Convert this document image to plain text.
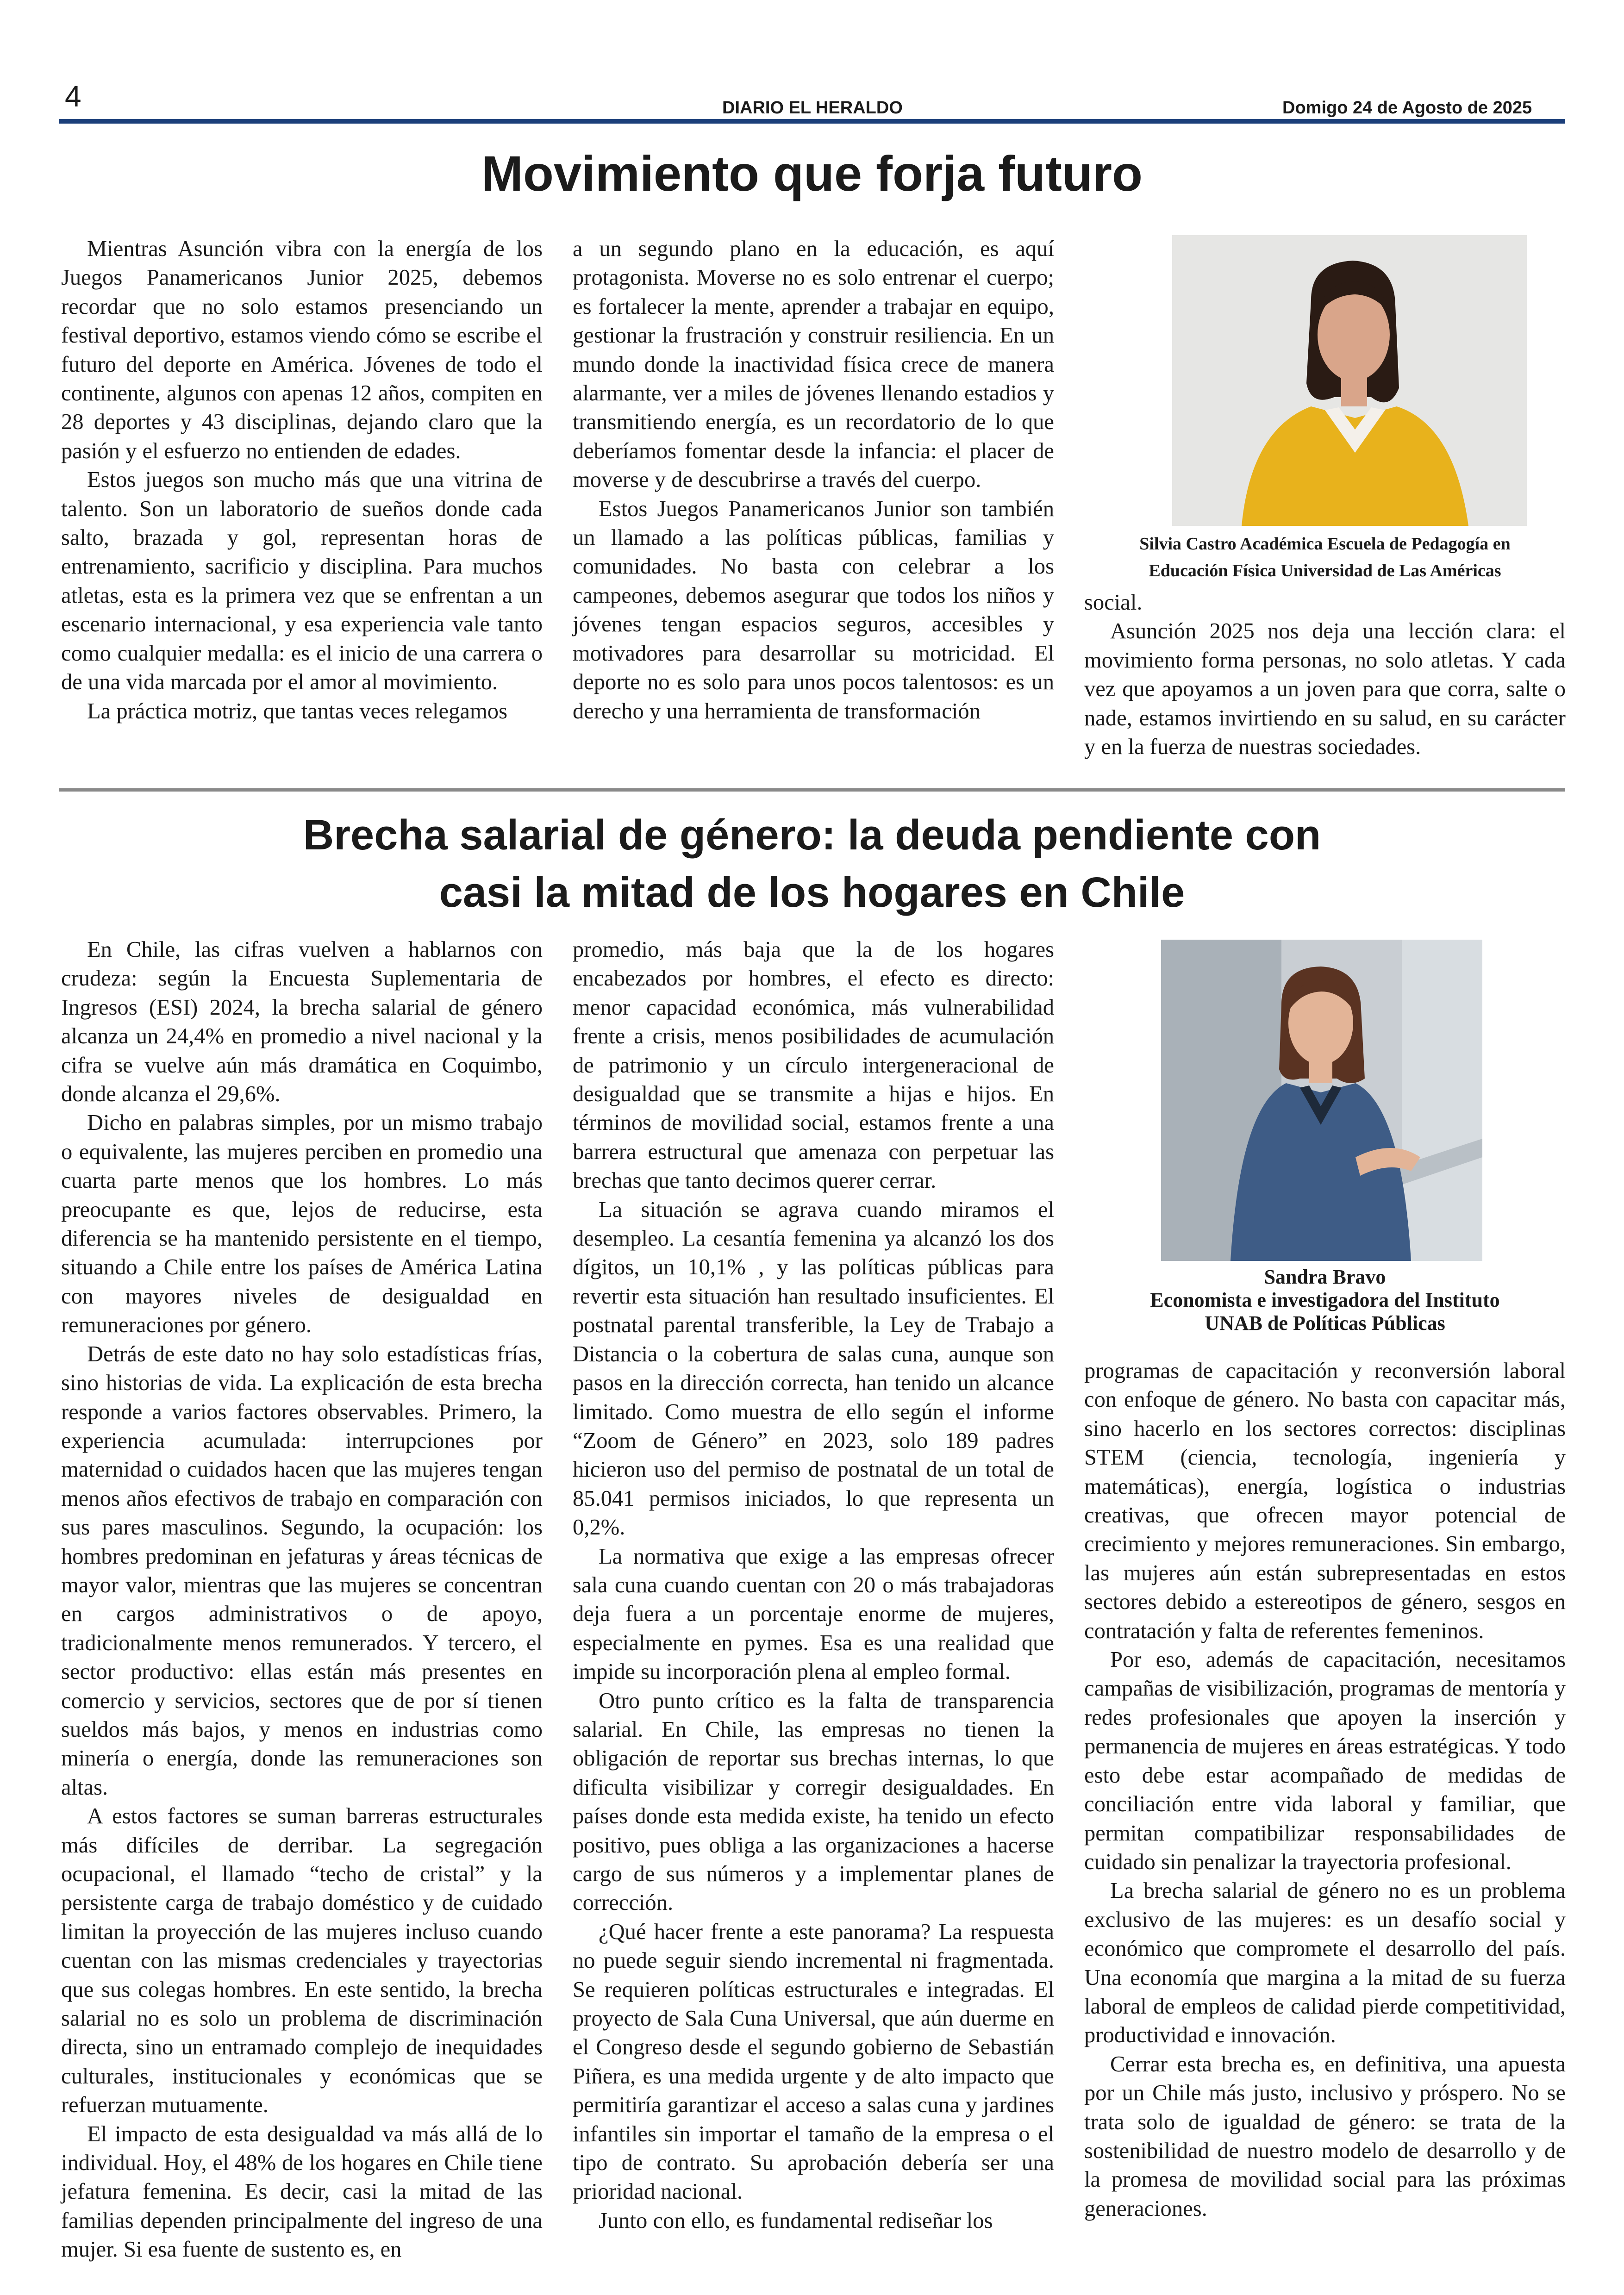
4	DIARIO EL HERALDO	Domigo 24 de Agosto de 2025
Movimiento que forja futuro

Mientras Asunción vibra con la energía de los Juegos Panamericanos Junior 2025, debemos recordar que no solo estamos presenciando un festival deportivo, estamos viendo cómo se escribe el futuro del deporte en América. Jóvenes de todo el continente, algunos con apenas 12 años, compiten en 28 deportes y 43 disciplinas, dejando claro que la pasión y el esfuerzo no entienden de edades.

Estos juegos son mucho más que una vitrina de talento. Son un laboratorio de sueños donde cada salto, brazada y gol, representan horas de entrenamiento, sacrificio y disciplina. Para muchos atletas, esta es la primera vez que se enfrentan a un escenario internacional, y esa experiencia vale tanto como cualquier medalla: es el inicio de una carrera o de una vida marcada por el amor al movimiento.

La práctica motriz, que tantas veces relegamos

a un segundo plano en la educación, es aquí protagonista. Moverse no es solo entrenar el cuerpo; es fortalecer la mente, aprender a trabajar en equipo, gestionar la frustración y construir resiliencia. En un mundo donde la inactividad física crece de manera alarmante, ver a miles de jóvenes llenando estadios y transmitiendo energía, es un recordatorio de lo que deberíamos fomentar desde la infancia: el placer de moverse y de descubrirse a través del cuerpo.

Estos Juegos Panamericanos Junior son también un llamado a las políticas públicas, familias y comunidades. No basta con celebrar a los campeones, debemos asegurar que todos los niños y jóvenes tengan espacios seguros, accesibles y motivadores para desarrollar su motricidad. El deporte no es solo para unos pocos talentosos: es un derecho y una herramienta de transformación

Silvia Castro Académica Escuela de Pedagogía en
Educación Física Universidad de Las Américas

social.

Asunción 2025 nos deja una lección clara: el movimiento forma personas, no solo atletas. Y cada vez que apoyamos a un joven para que corra, salte o nade, estamos invirtiendo en su salud, en su carácter y en la fuerza de nuestras sociedades.

Brecha salarial de género: la deuda pendiente con
casi la mitad de los hogares en Chile

En Chile, las cifras vuelven a hablarnos con crudeza: según la Encuesta Suplementaria de Ingresos (ESI) 2024, la brecha salarial de género alcanza un 24,4% en promedio a nivel nacional y la cifra se vuelve aún más dramática en Coquimbo, donde alcanza el 29,6%.

Dicho en palabras simples, por un mismo trabajo o equivalente, las mujeres perciben en promedio una cuarta parte menos que los hombres. Lo más preocupante es que, lejos de reducirse, esta diferencia se ha mantenido persistente en el tiempo, situando a Chile entre los países de América Latina con mayores niveles de desigualdad en remuneraciones por género.

Detrás de este dato no hay solo estadísticas frías, sino historias de vida. La explicación de esta brecha responde a varios factores observables. Primero, la experiencia acumulada: interrupciones por maternidad o cuidados hacen que las mujeres tengan menos años efectivos de trabajo en comparación con sus pares masculinos. Segundo, la ocupación: los hombres predominan en jefaturas y áreas técnicas de mayor valor, mientras que las mujeres se concentran en cargos administrativos o de apoyo, tradicionalmente menos remunerados. Y tercero, el sector productivo: ellas están más presentes en comercio y servicios, sectores que de por sí tienen sueldos más bajos, y menos en industrias como minería o energía, donde las remuneraciones son altas.

A estos factores se suman barreras estructurales más difíciles de derribar. La segregación ocupacional, el llamado “techo de cristal” y la persistente carga de trabajo doméstico y de cuidado limitan la proyección de las mujeres incluso cuando cuentan con las mismas credenciales y trayectorias que sus colegas hombres. En este sentido, la brecha salarial no es solo un problema de discriminación directa, sino un entramado complejo de inequidades culturales, institucionales y económicas que se refuerzan mutuamente.

El impacto de esta desigualdad va más allá de lo individual. Hoy, el 48% de los hogares en Chile tiene jefatura femenina. Es decir, casi la mitad de las familias dependen principalmente del ingreso de una mujer. Si esa fuente de sustento es, en

promedio, más baja que la de los hogares encabezados por hombres, el efecto es directo: menor capacidad económica, más vulnerabilidad frente a crisis, menos posibilidades de acumulación de patrimonio y un círculo intergeneracional de desigualdad que se transmite a hijas e hijos. En términos de movilidad social, estamos frente a una barrera estructural que amenaza con perpetuar las brechas que tanto decimos querer cerrar.

La situación se agrava cuando miramos el desempleo. La cesantía femenina ya alcanzó los dos dígitos, un 10,1% , y las políticas públicas para revertir esta situación han resultado insuficientes. El postnatal parental transferible, la Ley de Trabajo a Distancia o la cobertura de salas cuna, aunque son pasos en la dirección correcta, han tenido un alcance limitado. Como muestra de ello según el informe “Zoom de Género” en 2023, solo 189 padres hicieron uso del permiso de postnatal de un total de 85.041 permisos iniciados, lo que representa un 0,2%.

La normativa que exige a las empresas ofrecer sala cuna cuando cuentan con 20 o más trabajadoras deja fuera a un porcentaje enorme de mujeres, especialmente en pymes. Esa es una realidad que impide su incorporación plena al empleo formal.

Otro punto crítico es la falta de transparencia salarial. En Chile, las empresas no tienen la obligación de reportar sus brechas internas, lo que dificulta visibilizar y corregir desigualdades. En países donde esta medida existe, ha tenido un efecto positivo, pues obliga a las organizaciones a hacerse cargo de sus números y a implementar planes de corrección.

¿Qué hacer frente a este panorama? La respuesta no puede seguir siendo incremental ni fragmentada. Se requieren políticas estructurales e integradas. El proyecto de Sala Cuna Universal, que aún duerme en el Congreso desde el segundo gobierno de Sebastián Piñera, es una medida urgente y de alto impacto que permitiría garantizar el acceso a salas cuna y jardines infantiles sin importar el tamaño de la empresa o el tipo de contrato. Su aprobación debería ser una prioridad nacional.

Junto con ello, es fundamental rediseñar los

Sandra Bravo
Economista e investigadora del Instituto
UNAB de Políticas Públicas

programas de capacitación y reconversión laboral con enfoque de género. No basta con capacitar más, sino hacerlo en los sectores correctos: disciplinas STEM (ciencia, tecnología, ingeniería y matemáticas), energía, logística o industrias creativas, que ofrecen mayor potencial de crecimiento y mejores remuneraciones. Sin embargo, las mujeres aún están subrepresentadas en estos sectores debido a estereotipos de género, sesgos en contratación y falta de referentes femeninos.

Por eso, además de capacitación, necesitamos campañas de visibilización, programas de mentoría y redes profesionales que apoyen la inserción y permanencia de mujeres en áreas estratégicas. Y todo esto debe estar acompañado de medidas de conciliación entre vida laboral y familiar, que permitan compatibilizar responsabilidades de cuidado sin penalizar la trayectoria profesional.

La brecha salarial de género no es un problema exclusivo de las mujeres: es un desafío social y económico que compromete el desarrollo del país. Una economía que margina a la mitad de su fuerza laboral de empleos de calidad pierde competitividad, productividad e innovación.

Cerrar esta brecha es, en definitiva, una apuesta por un Chile más justo, inclusivo y próspero. No se trata solo de igualdad de género: se trata de la sostenibilidad de nuestro modelo de desarrollo y de la promesa de movilidad social para las próximas generaciones.
